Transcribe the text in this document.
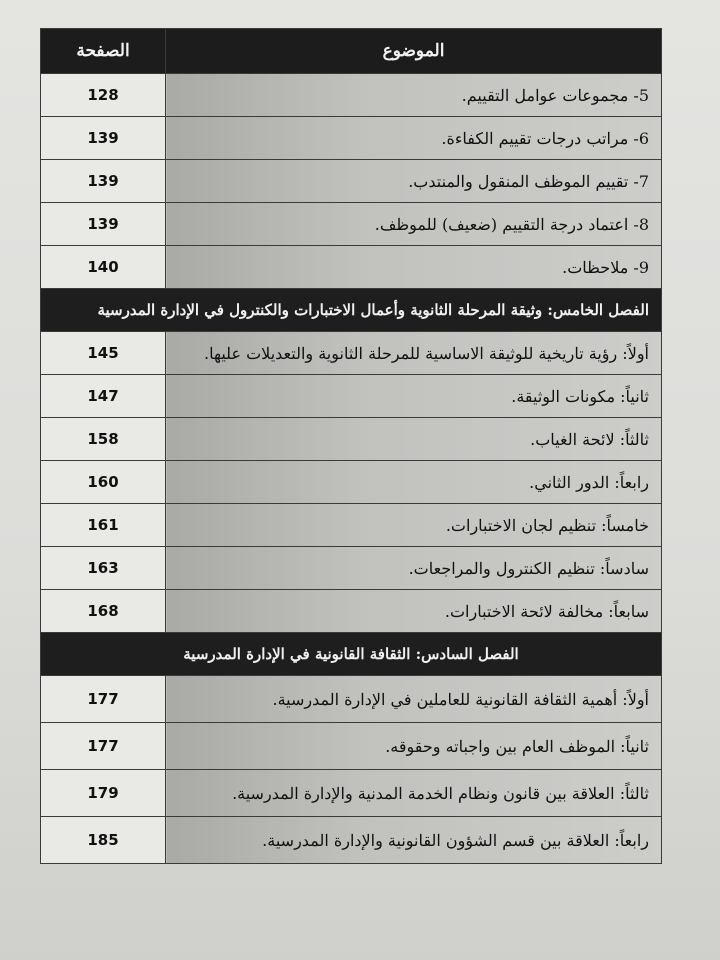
الموضوع	الصفحة
5- مجموعات عوامل التقييم.	128
6- مراتب درجات تقييم الكفاءة.	139
7- تقييم الموظف المنقول والمنتدب.	139
8- اعتماد درجة التقييم (ضعيف) للموظف.	139
9- ملاحظات.	140
الفصل الخامس: وثيقة المرحلة الثانوية وأعمال الاختبارات والكنترول في الإدارة المدرسية	
أولاً: رؤية تاريخية للوثيقة الاساسية للمرحلة الثانوية والتعديلات عليها.	145
ثانياً: مكونات الوثيقة.	147
ثالثاً: لائحة الغياب.	158
رابعاً: الدور الثاني.	160
خامساً: تنظيم لجان الاختبارات.	161
سادساً: تنظيم الكنترول والمراجعات.	163
سابعاً: مخالفة لائحة الاختبارات.	168
الفصل السادس: الثقافة القانونية في الإدارة المدرسية	
أولاً: أهمية الثقافة القانونية للعاملين في الإدارة المدرسية.	177
ثانياً: الموظف العام بين واجباته وحقوقه.	177
ثالثاً: العلاقة بين قانون ونظام الخدمة المدنية والإدارة المدرسية.	179
رابعاً: العلاقة بين قسم الشؤون القانونية والإدارة المدرسية.	185
